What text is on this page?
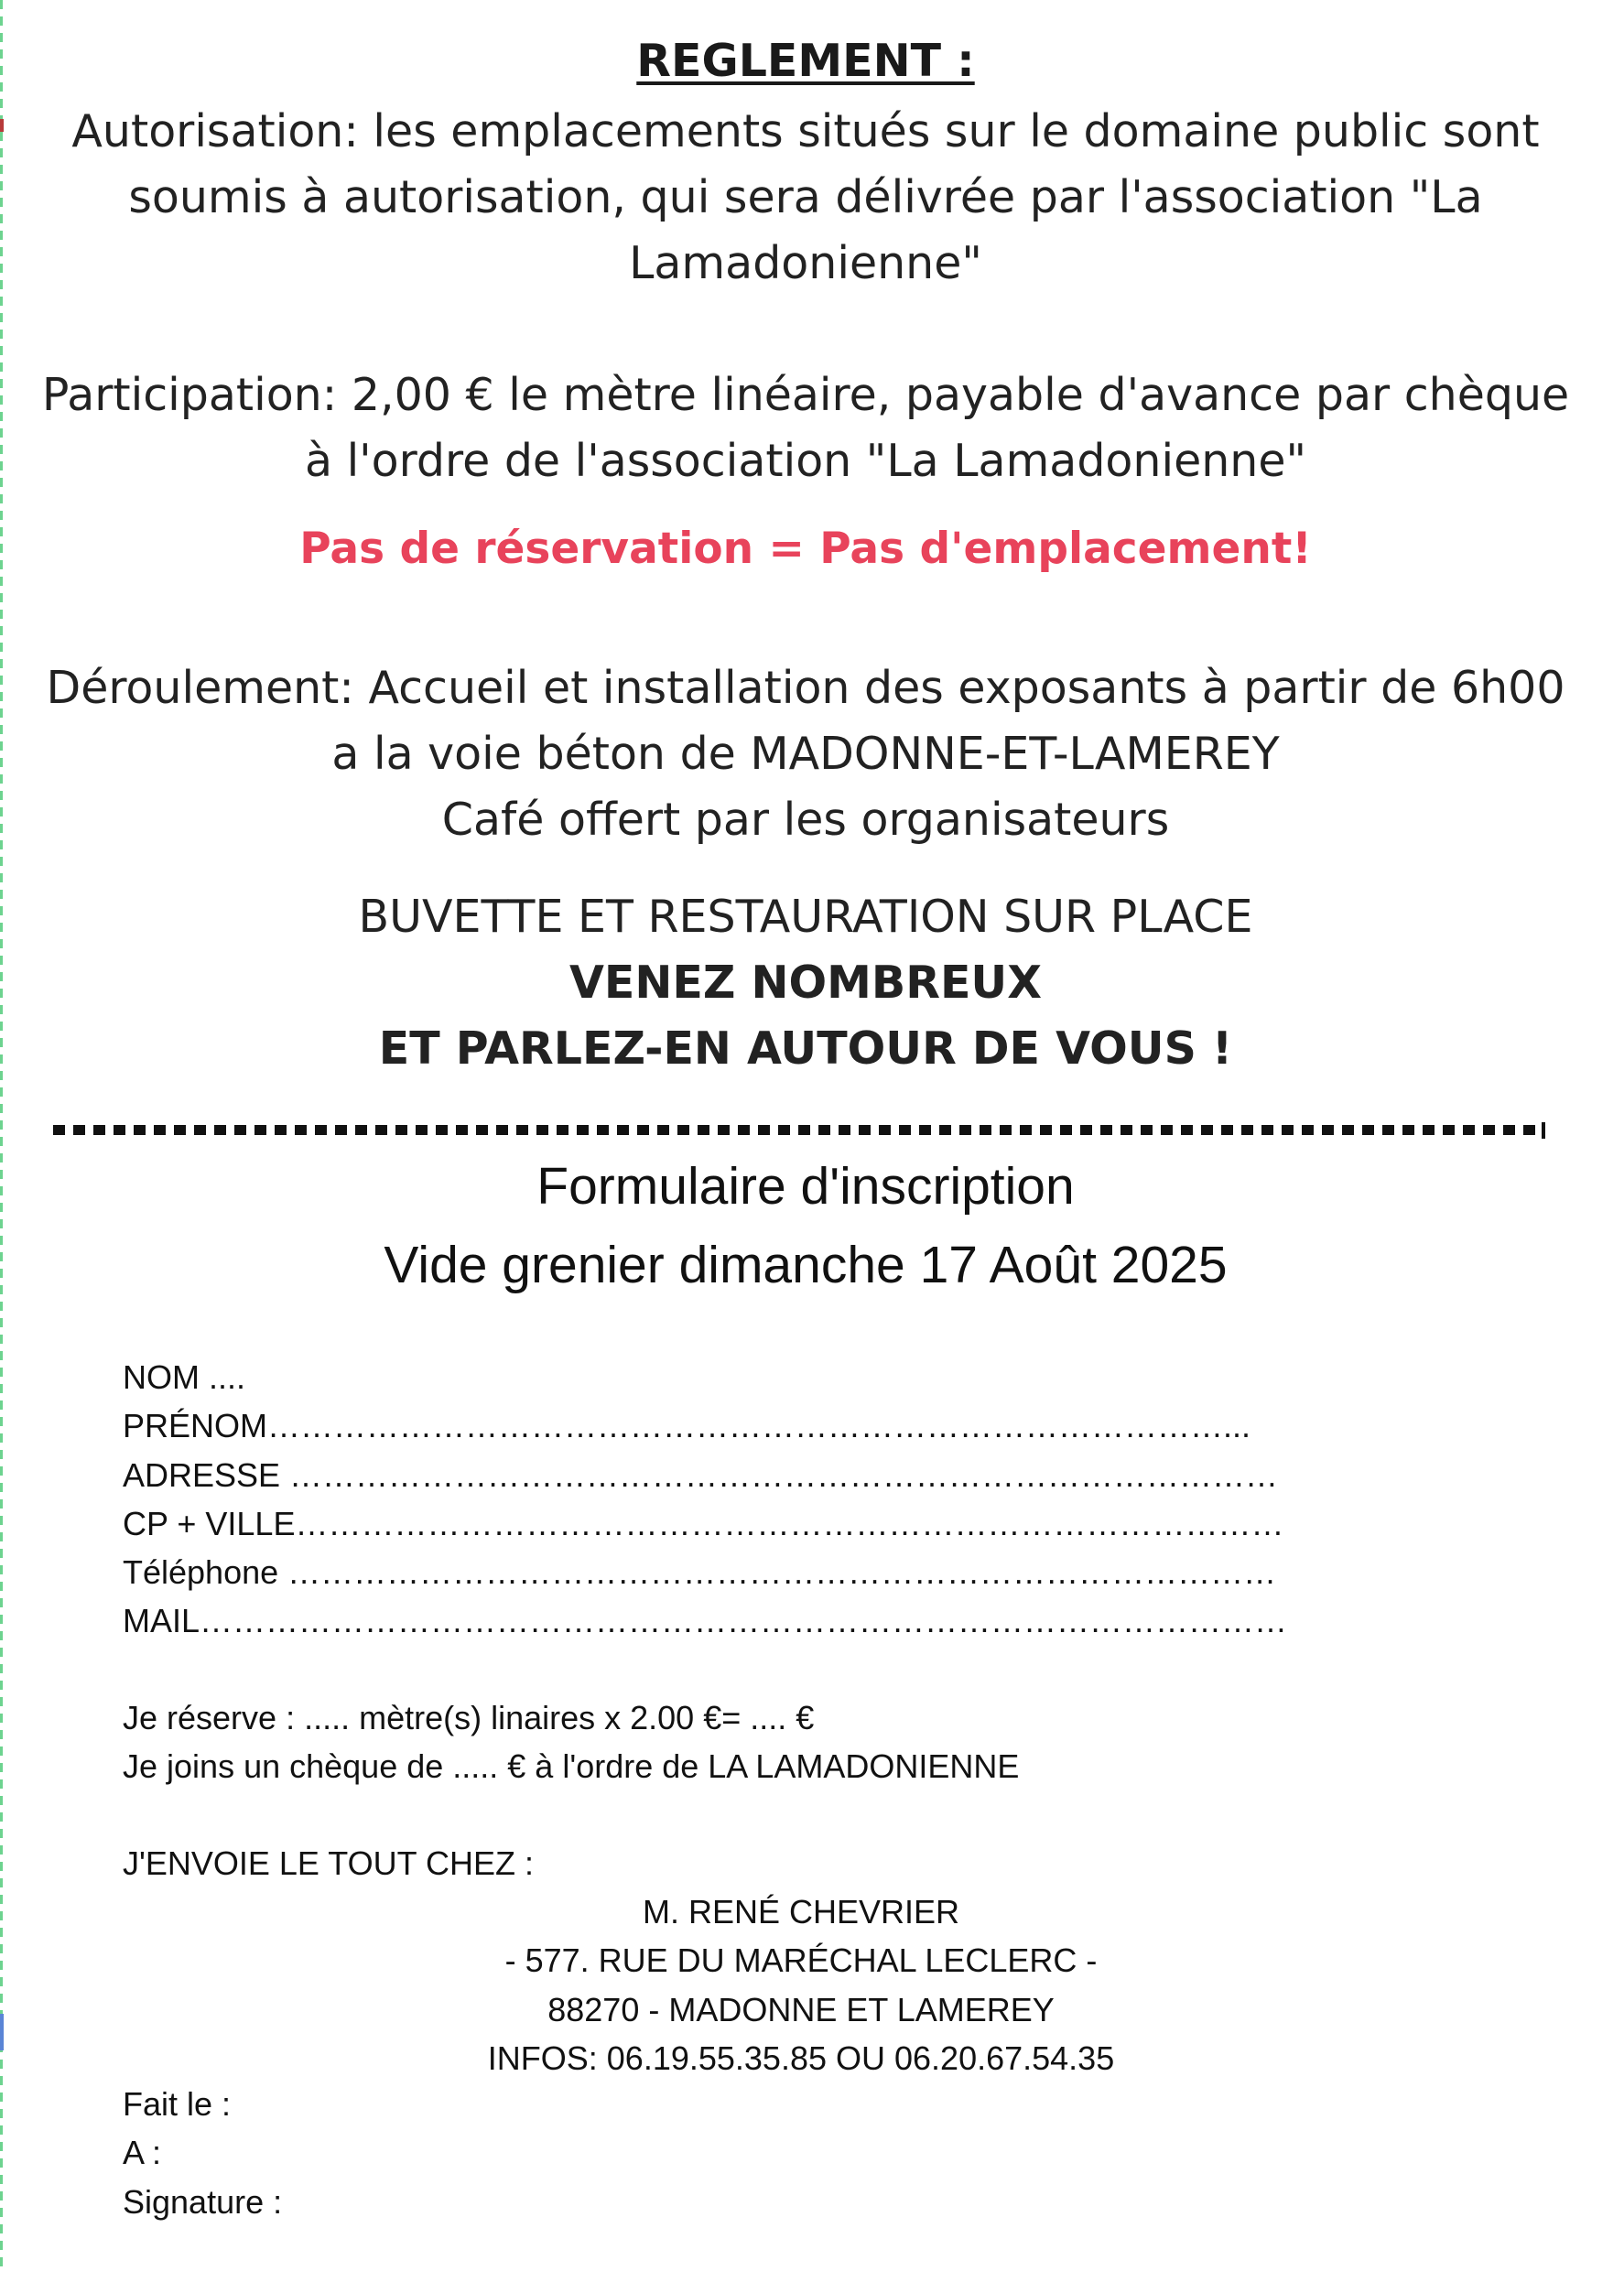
REGLEMENT :
Autorisation: les emplacements situés sur le domaine public sont
soumis à autorisation, qui sera délivrée par l'association "La
Lamadonienne"
Participation: 2,00 € le mètre linéaire, payable d'avance par chèque
à l'ordre de l'association "La Lamadonienne"
Pas de réservation = Pas d'emplacement!
Déroulement: Accueil et installation des exposants à partir de 6h00
a la voie béton de MADONNE-ET-LAMEREY
Café offert par les organisateurs
BUVETTE ET RESTAURATION SUR PLACE
VENEZ NOMBREUX
ET PARLEZ-EN AUTOUR DE VOUS !
Formulaire d'inscription
Vide grenier dimanche 17 Août 2025
NOM ....
PRÉNOM……………………………………………………………………………...
ADRESSE ………………………………………………………………………………
CP + VILLE………………………………………………………………………………
Téléphone ………………………………………………………………………………
MAIL………………………………………………………………………………………
Je réserve : ..... mètre(s) linaires x 2.00 €= .... €
Je joins un chèque de ..... € à l'ordre de LA LAMADONIENNE
J'ENVOIE LE TOUT CHEZ :
M. RENÉ CHEVRIER
- 577. RUE DU MARÉCHAL LECLERC -
88270 - MADONNE ET LAMEREY
INFOS: 06.19.55.35.85 OU 06.20.67.54.35
Fait le :
A :
Signature :
